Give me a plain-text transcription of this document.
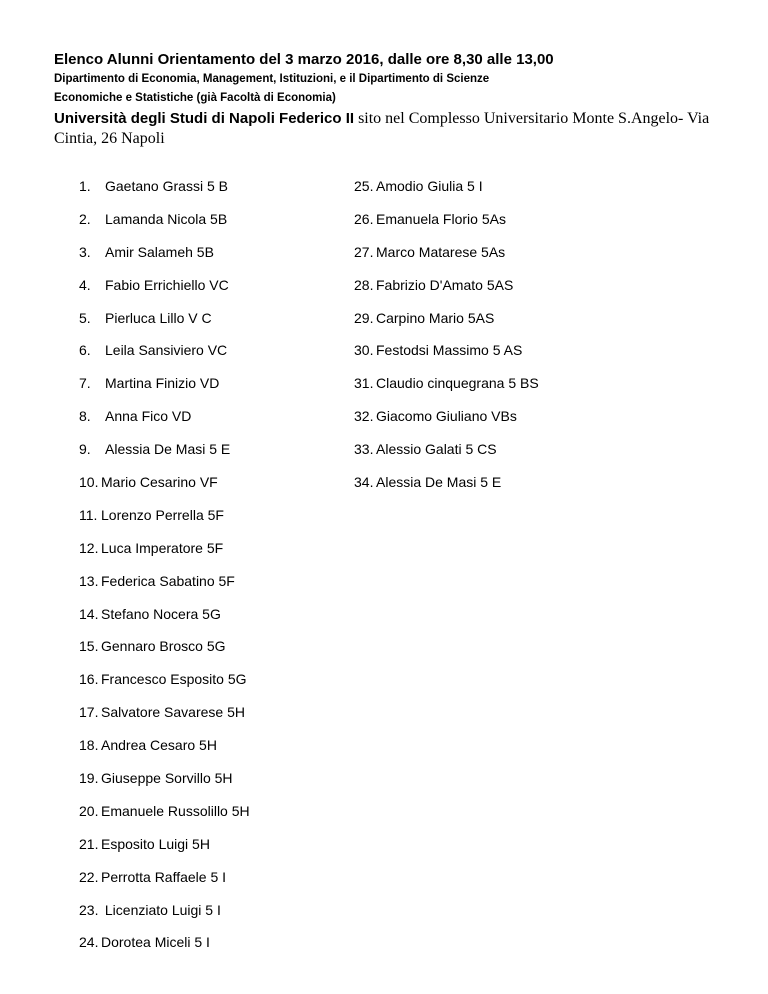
Elenco Alunni Orientamento del 3 marzo 2016, dalle ore 8,30 alle 13,00
Dipartimento di Economia, Management, Istituzioni, e il Dipartimento di Scienze
Economiche e Statistiche (già Facoltà di Economia)
Università degli Studi di Napoli Federico II sito nel Complesso Universitario Monte S.Angelo- Via Cintia, 26 Napoli
1. Gaetano Grassi 5 B
2. Lamanda Nicola 5B
3. Amir Salameh 5B
4. Fabio Errichiello VC
5. Pierluca Lillo V C
6. Leila Sansiviero VC
7. Martina Finizio VD
8. Anna Fico VD
9. Alessia De Masi 5 E
10. Mario Cesarino VF
11. Lorenzo Perrella 5F
12. Luca Imperatore 5F
13. Federica Sabatino 5F
14. Stefano Nocera 5G
15. Gennaro Brosco 5G
16. Francesco Esposito 5G
17. Salvatore Savarese 5H
18. Andrea Cesaro 5H
19. Giuseppe Sorvillo 5H
20. Emanuele Russolillo 5H
21. Esposito Luigi 5H
22. Perrotta Raffaele 5 I
23. Licenziato Luigi 5 I
24. Dorotea Miceli 5 I
25. Amodio Giulia 5 I
26. Emanuela Florio 5As
27. Marco Matarese 5As
28. Fabrizio D'Amato 5AS
29. Carpino Mario 5AS
30. Festodsi Massimo 5 AS
31. Claudio cinquegrana 5 BS
32. Giacomo Giuliano VBs
33. Alessio Galati 5 CS
34. Alessia De Masi 5 E
